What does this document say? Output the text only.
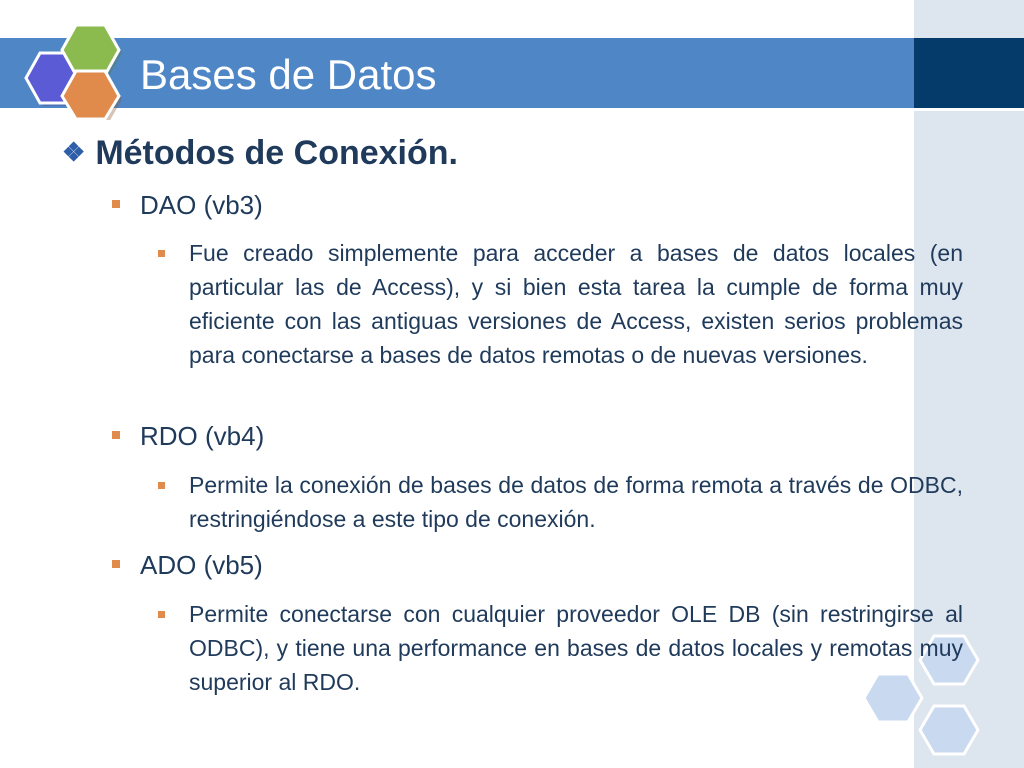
Bases de Datos
❖ Métodos de Conexión.
DAO (vb3)
Fue creado simplemente para acceder a bases de datos locales (en particular las de Access), y si bien esta tarea la cumple de forma muy eficiente con las antiguas versiones de Access, existen serios problemas para conectarse a bases de datos remotas o de nuevas versiones.
RDO (vb4)
Permite la conexión de bases de datos de forma remota a través de ODBC, restringiéndose a este tipo de conexión.
ADO (vb5)
Permite conectarse con cualquier proveedor OLE DB (sin restringirse al ODBC), y tiene una performance en bases de datos locales y remotas muy superior al RDO.
